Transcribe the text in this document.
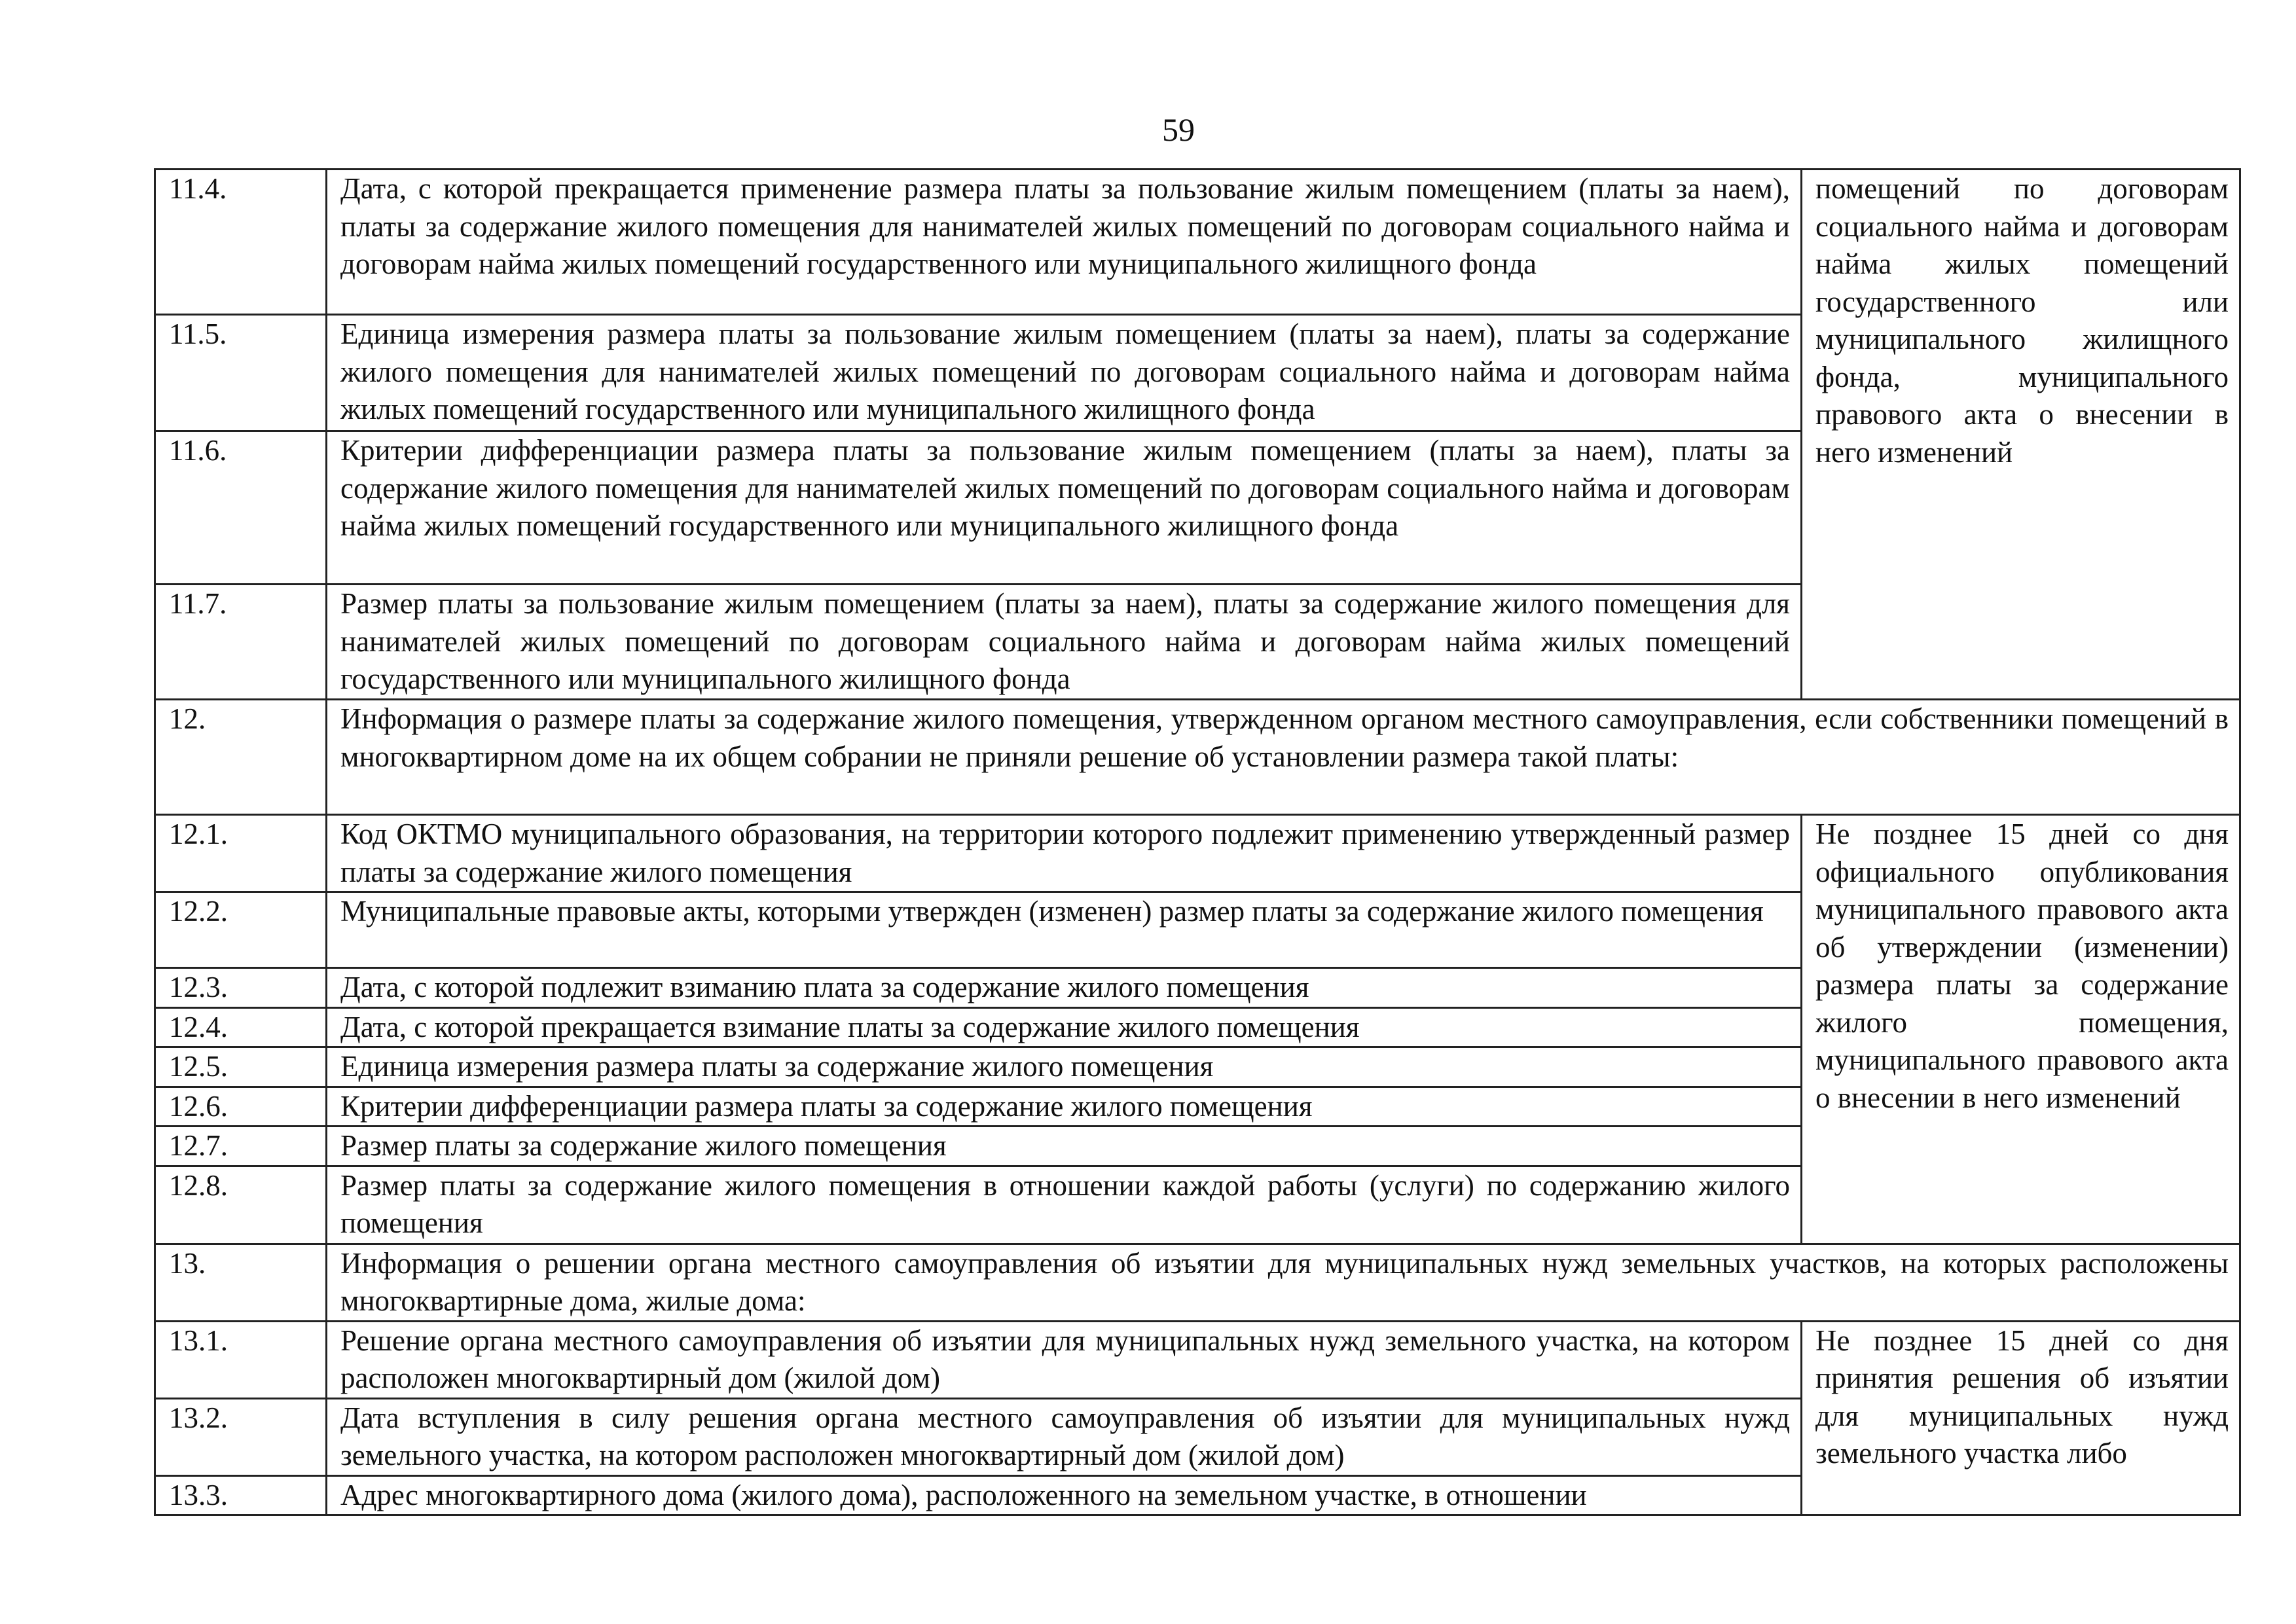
59
11.4.	Дата, с которой прекращается применение размера платы за пользование жилым помещением (платы за наем), платы за содержание жилого помещения для нанимателей жилых помещений по договорам социального найма и договорам найма жилых помещений государственного или муниципального жилищного фонда	помещений по договорам социального найма и договорам найма жилых помещений государственного или муниципального жилищного фонда, муниципального правового акта о внесении в него изменений

11.5.	Единица измерения размера платы за пользование жилым помещением (платы за наем), платы за содержание жилого помещения для нанимателей жилых помещений по договорам социального найма и договорам найма жилых помещений государственного или муниципального жилищного фонда	
11.6.	Критерии дифференциации размера платы за пользование жилым помещением (платы за наем), платы за содержание жилого помещения для нанимателей жилых помещений по договорам социального найма и договорам найма жилых помещений государственного или муниципального жилищного фонда	
11.7.	Размер платы за пользование жилым помещением (платы за наем), платы за содержание жилого помещения для нанимателей жилых помещений по договорам социального найма и договорам найма жилых помещений государственного или муниципального жилищного фонда	
12.	Информация о размере платы за содержание жилого помещения, утвержденном органом местного самоуправления, если собственники помещений в многоквартирном доме на их общем собрании не приняли решение об установлении размера такой платы:	
12.1.	Код ОКТМО муниципального образования, на территории которого подлежит применению утвержденный размер платы за содержание жилого помещения	Не позднее 15 дней со дня официального опубликования муниципального правового акта об утверждении (изменении) размера платы за содержание жилого помещения, муниципального правового акта о внесении в него изменений

12.2.	Муниципальные правовые акты, которыми утвержден (изменен) размер платы за содержание жилого помещения	
12.3.	Дата, с которой подлежит взиманию плата за содержание жилого помещения	
12.4.	Дата, с которой прекращается взимание платы за содержание жилого помещения	
12.5.	Единица измерения размера платы за содержание жилого помещения	
12.6.	Критерии дифференциации размера платы за содержание жилого помещения	
12.7.	Размер платы за содержание жилого помещения	
12.8.	Размер платы за содержание жилого помещения в отношении каждой работы (услуги) по содержанию жилого помещения	
13.	Информация о решении органа местного самоуправления об изъятии для муниципальных нужд земельных участков, на которых расположены многоквартирные дома, жилые дома:	
13.1.	Решение органа местного самоуправления об изъятии для муниципальных нужд земельного участка, на котором расположен многоквартирный дом (жилой дом)	Не позднее 15 дней со дня принятия решения об изъятии для муниципальных нужд земельного участка либо

13.2.	Дата вступления в силу решения органа местного самоуправления об изъятии для муниципальных нужд земельного участка, на котором расположен многоквартирный дом (жилой дом)	
13.3.	Адрес многоквартирного дома (жилого дома), расположенного на земельном участке, в отношении	
